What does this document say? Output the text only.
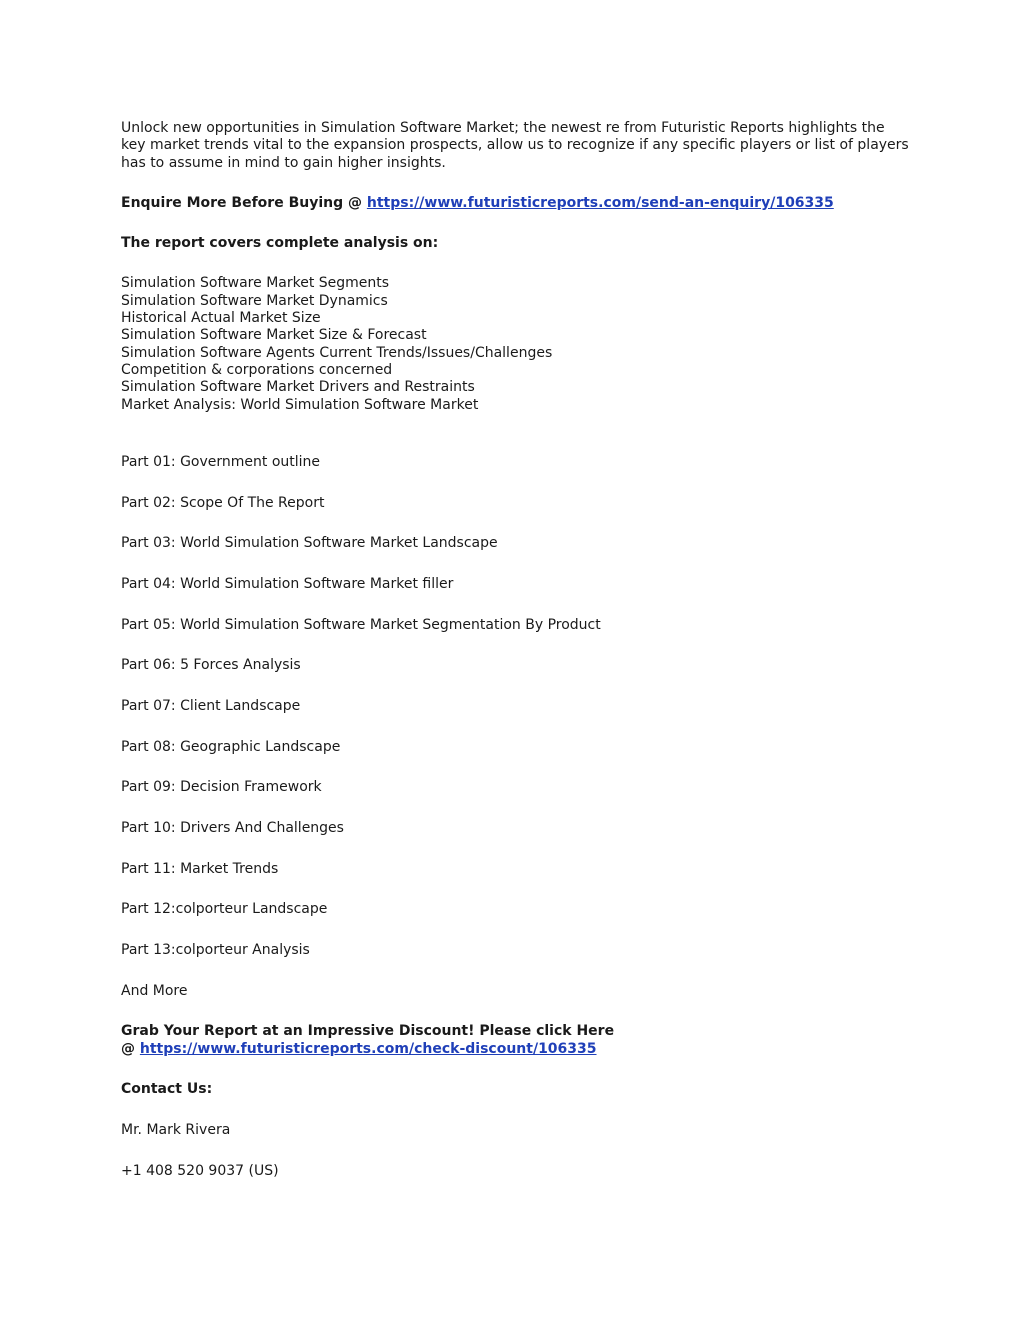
Unlock new opportunities in Simulation Software Market; the newest re from Futuristic Reports highlights the key market trends vital to the expansion prospects, allow us to recognize if any specific players or list of players has to assume in mind to gain higher insights.

Enquire More Before Buying @ https://www.futuristicreports.com/send-an-enquiry/106335

The report covers complete analysis on:

Simulation Software Market Segments
Simulation Software Market Dynamics
Historical Actual Market Size
Simulation Software Market Size & Forecast
Simulation Software Agents Current Trends/Issues/Challenges
Competition & corporations concerned
Simulation Software Market Drivers and Restraints
Market Analysis: World Simulation Software Market

Part 01: Government outline

Part 02: Scope Of The Report

Part 03: World Simulation Software Market Landscape

Part 04: World Simulation Software Market filler

Part 05: World Simulation Software Market Segmentation By Product

Part 06: 5 Forces Analysis

Part 07: Client Landscape

Part 08: Geographic Landscape

Part 09: Decision Framework

Part 10: Drivers And Challenges

Part 11: Market Trends

Part 12:colporteur Landscape

Part 13:colporteur Analysis

And More

Grab Your Report at an Impressive Discount! Please click Here
@ https://www.futuristicreports.com/check-discount/106335

Contact Us:

Mr. Mark Rivera

+1 408 520 9037 (US)
